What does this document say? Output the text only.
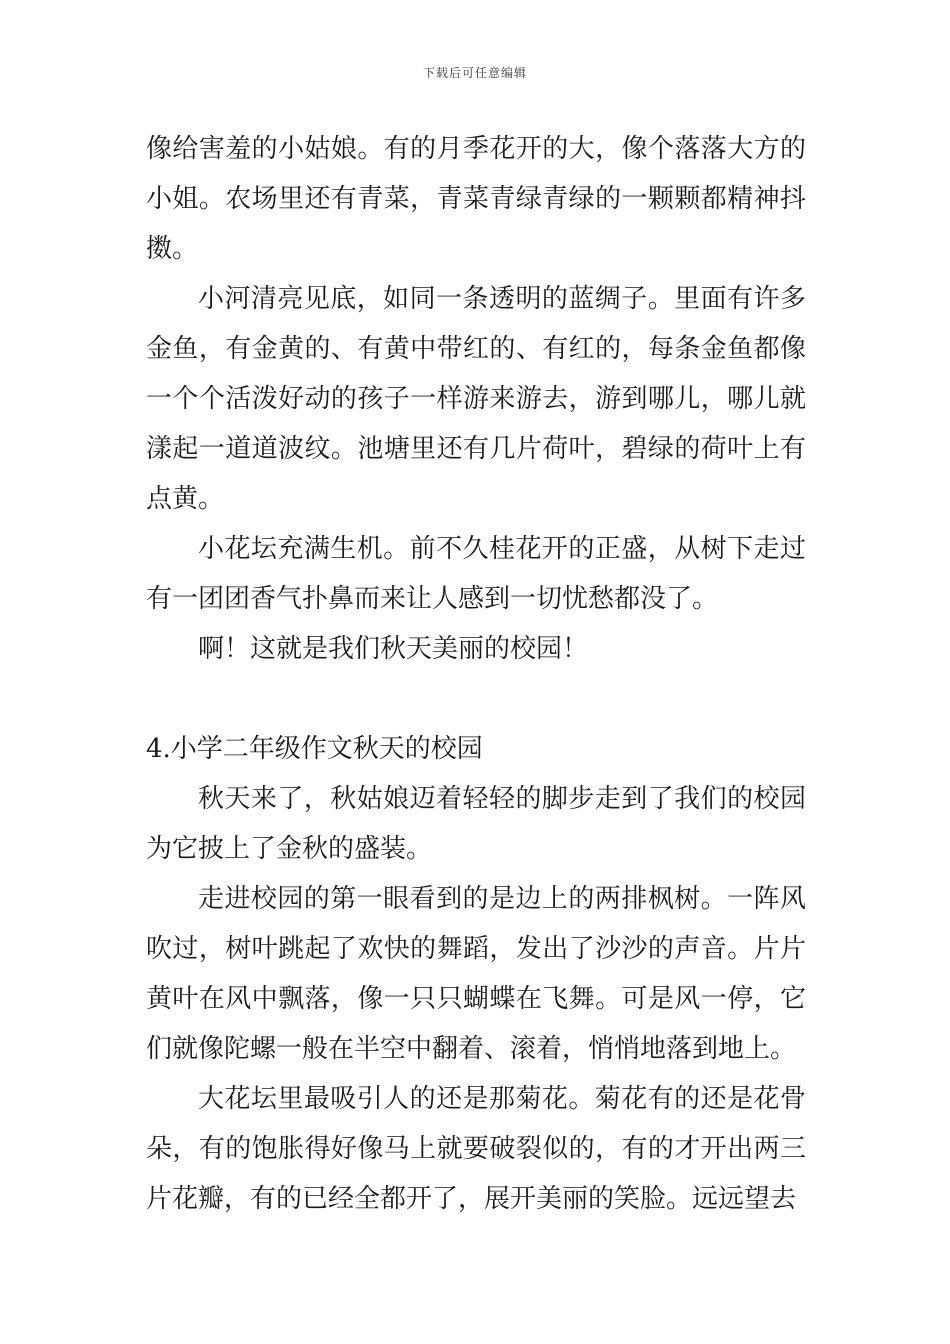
下载后可任意编辑

像给害羞的小姑娘。有的月季花开的大，像个落落大方的小姐。农场里还有青菜，青菜青绿青绿的一颗颗都精神抖擞。

小河清亮见底，如同一条透明的蓝绸子。里面有许多金鱼，有金黄的、有黄中带红的、有红的，每条金鱼都像一个个活泼好动的孩子一样游来游去，游到哪儿，哪儿就漾起一道道波纹。池塘里还有几片荷叶，碧绿的荷叶上有点黄。

小花坛充满生机。前不久桂花开的正盛，从树下走过有一团团香气扑鼻而来让人感到一切忧愁都没了。

啊！这就是我们秋天美丽的校园！

4.小学二年级作文秋天的校园

秋天来了，秋姑娘迈着轻轻的脚步走到了我们的校园为它披上了金秋的盛装。

走进校园的第一眼看到的是边上的两排枫树。一阵风吹过，树叶跳起了欢快的舞蹈，发出了沙沙的声音。片片黄叶在风中飘落，像一只只蝴蝶在飞舞。可是风一停，它们就像陀螺一般在半空中翻着、滚着，悄悄地落到地上。

大花坛里最吸引人的还是那菊花。菊花有的还是花骨朵，有的饱胀得好像马上就要破裂似的，有的才开出两三片花瓣，有的已经全都开了，展开美丽的笑脸。远远望去
